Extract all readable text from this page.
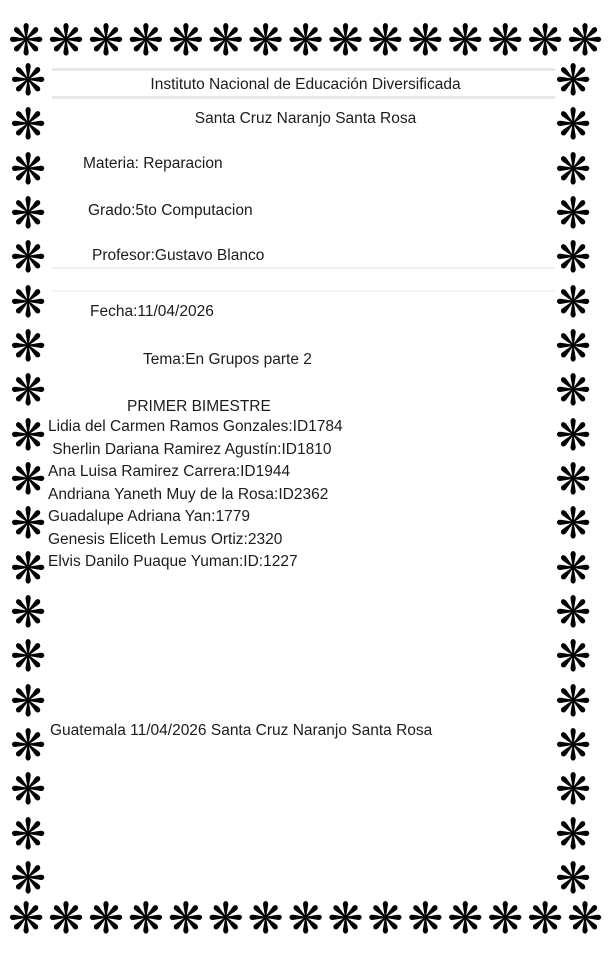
❋ ❋ ❋ ❋ ❋ ❋ ❋ ❋ ❋ ❋ ❋ ❋ ❋ ❋ ❋
❋ ❋ ❋ ❋ ❋ ❋ ❋ ❋ ❋ ❋ ❋ ❋ ❋ ❋ ❋
❋
❋
❋
❋
❋
❋
❋
❋
❋
❋
❋
❋
❋
❋
❋
❋
❋
❋
❋
❋
❋
❋
❋
❋
❋
❋
❋
❋
❋
❋
❋
❋
❋
❋
❋
❋
❋
❋
Instituto Nacional de Educación Diversificada
Santa Cruz Naranjo Santa Rosa
Materia: Reparacion
Grado:5to Computacion
Profesor:Gustavo Blanco
Fecha:11/04/2026
Tema:En Grupos parte 2
PRIMER BIMESTRE
Lidia del Carmen Ramos Gonzales:ID1784
Sherlin Dariana Ramirez Agustín:ID1810
Ana Luisa Ramirez Carrera:ID1944
Andriana Yaneth Muy de la Rosa:ID2362
Guadalupe Adriana Yan:1779
Genesis Eliceth Lemus Ortiz:2320
Elvis Danilo Puaque Yuman:ID:1227
Guatemala 11/04/2026 Santa Cruz Naranjo Santa Rosa
